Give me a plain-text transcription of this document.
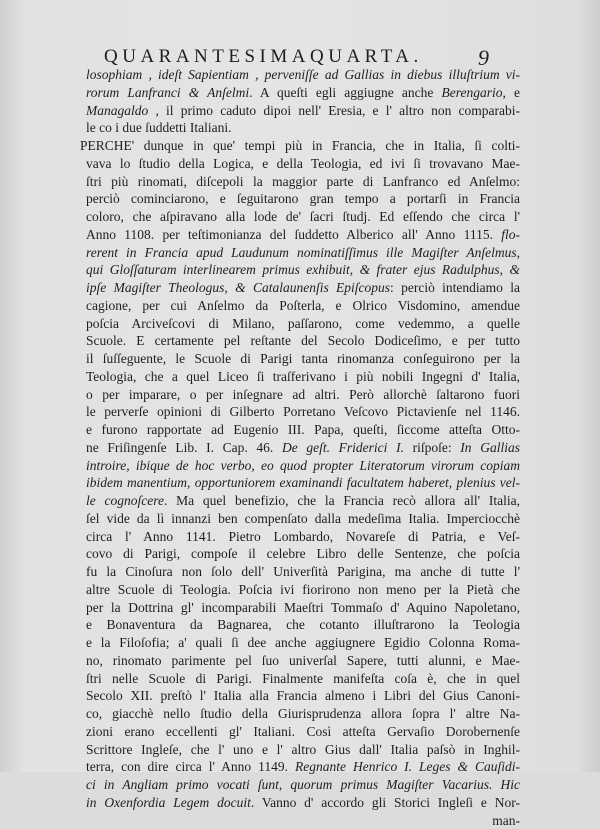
QUARANTESIMAQUARTA.	9
losophiam , ideſt Sapientiam , perveniſſe ad Gallias in diebus illuſtrium vi-
rorum Lanfranci & Anſelmi. A queſti egli aggiugne anche Berengario, e
Managaldo , il primo caduto dipoi nell' Eresia, e l' altro non comparabi-
le co i due ſuddetti Italiani.
PERCHE' dunque in que' tempi più in Francia, che in Italia, ſi colti-
vava lo ſtudio della Logica, e della Teologia, ed ivi ſi trovavano Mae-
ſtri più rinomati, diſcepoli la maggior parte di Lanfranco ed Anſelmo:
perciò cominciarono, e ſeguitarono gran tempo a portarſi in Francia
coloro, che aſpiravano alla lode de' ſacri ſtudj. Ed eſſendo che circa l'
Anno 1108. per teſtimonianza del ſuddetto Alberico all' Anno 1115. flo-
rerent in Francia apud Laudunum nominatiſſimus ille Magiſter Anſelmus,
qui Gloſſaturam interlinearem primus exhibuit, & frater ejus Radulphus, &
ipſe Magiſter Theologus, & Catalaunenſis Epiſcopus: perciò intendiamo la
cagione, per cui Anſelmo da Poſterla, e Olrico Visdomino, amendue
poſcia Arciveſcovi di Milano, paſſarono, come vedemmo, a quelle
Scuole. E certamente pel reſtante del Secolo Dodiceſimo, e per tutto
il ſuſſeguente, le Scuole di Parigi tanta rinomanza conſeguirono per la
Teologia, che a quel Liceo ſi traſferivano i più nobili Ingegni d' Italia,
o per imparare, o per inſegnare ad altri. Però allorchè ſaltarono fuori
le perverſe opinioni di Gilberto Porretano Veſcovo Pictavienſe nel 1146.
e furono rapportate ad Eugenio III. Papa, queſti, ſiccome atteſta Otto-
ne Friſingenſe Lib. I. Cap. 46. De geſt. Friderici I. riſpoſe: In Gallias
introire, ibique de hoc verbo, eo quod propter Literatorum virorum copiam
ibidem manentium, opportuniorem examinandi facultatem haberet, plenius vel-
le cognoſcere. Ma quel benefizio, che la Francia recò allora all' Italia,
ſel vide da lì innanzi ben compenſato dalla medeſima Italia. Imperciocchè
circa l' Anno 1141. Pietro Lombardo, Novareſe di Patria, e Veſ-
covo di Parigi, compoſe il celebre Libro delle Sentenze, che poſcia
fu la Cinoſura non ſolo dell' Univerſità Parigina, ma anche di tutte l'
altre Scuole di Teologia. Poſcia ivi fiorirono non meno per la Pietà che
per la Dottrina gl' incomparabili Maeſtri Tommaſo d' Aquino Napoletano,
e Bonaventura da Bagnarea, che cotanto illuſtrarono la Teologia
e la Filoſofia; a' quali ſi dee anche aggiugnere Egidio Colonna Roma-
no, rinomato parimente pel ſuo univerſal Sapere, tutti alunni, e Mae-
ſtri nelle Scuole di Parigi. Finalmente manifeſta coſa è, che in quel
Secolo XII. preſtò l' Italia alla Francia almeno i Libri del Gius Canoni-
co, giacchè nello ſtudio della Giurisprudenza allora ſopra l' altre Na-
zioni erano eccellenti gl' Italiani. Così atteſta Gervaſio Dorobernenſe
Scrittore Ingleſe, che l' uno e l' altro Gius dall' Italia paſsò in Inghil-
terra, con dire circa l' Anno 1149. Regnante Henrico I. Leges & Cauſidi-
ci in Angliam primo vocati ſunt, quorum primus Magiſter Vacarius. Hic
in Oxenfordia Legem docuit. Vanno d' accordo gli Storici Ingleſi e Nor-
man-
